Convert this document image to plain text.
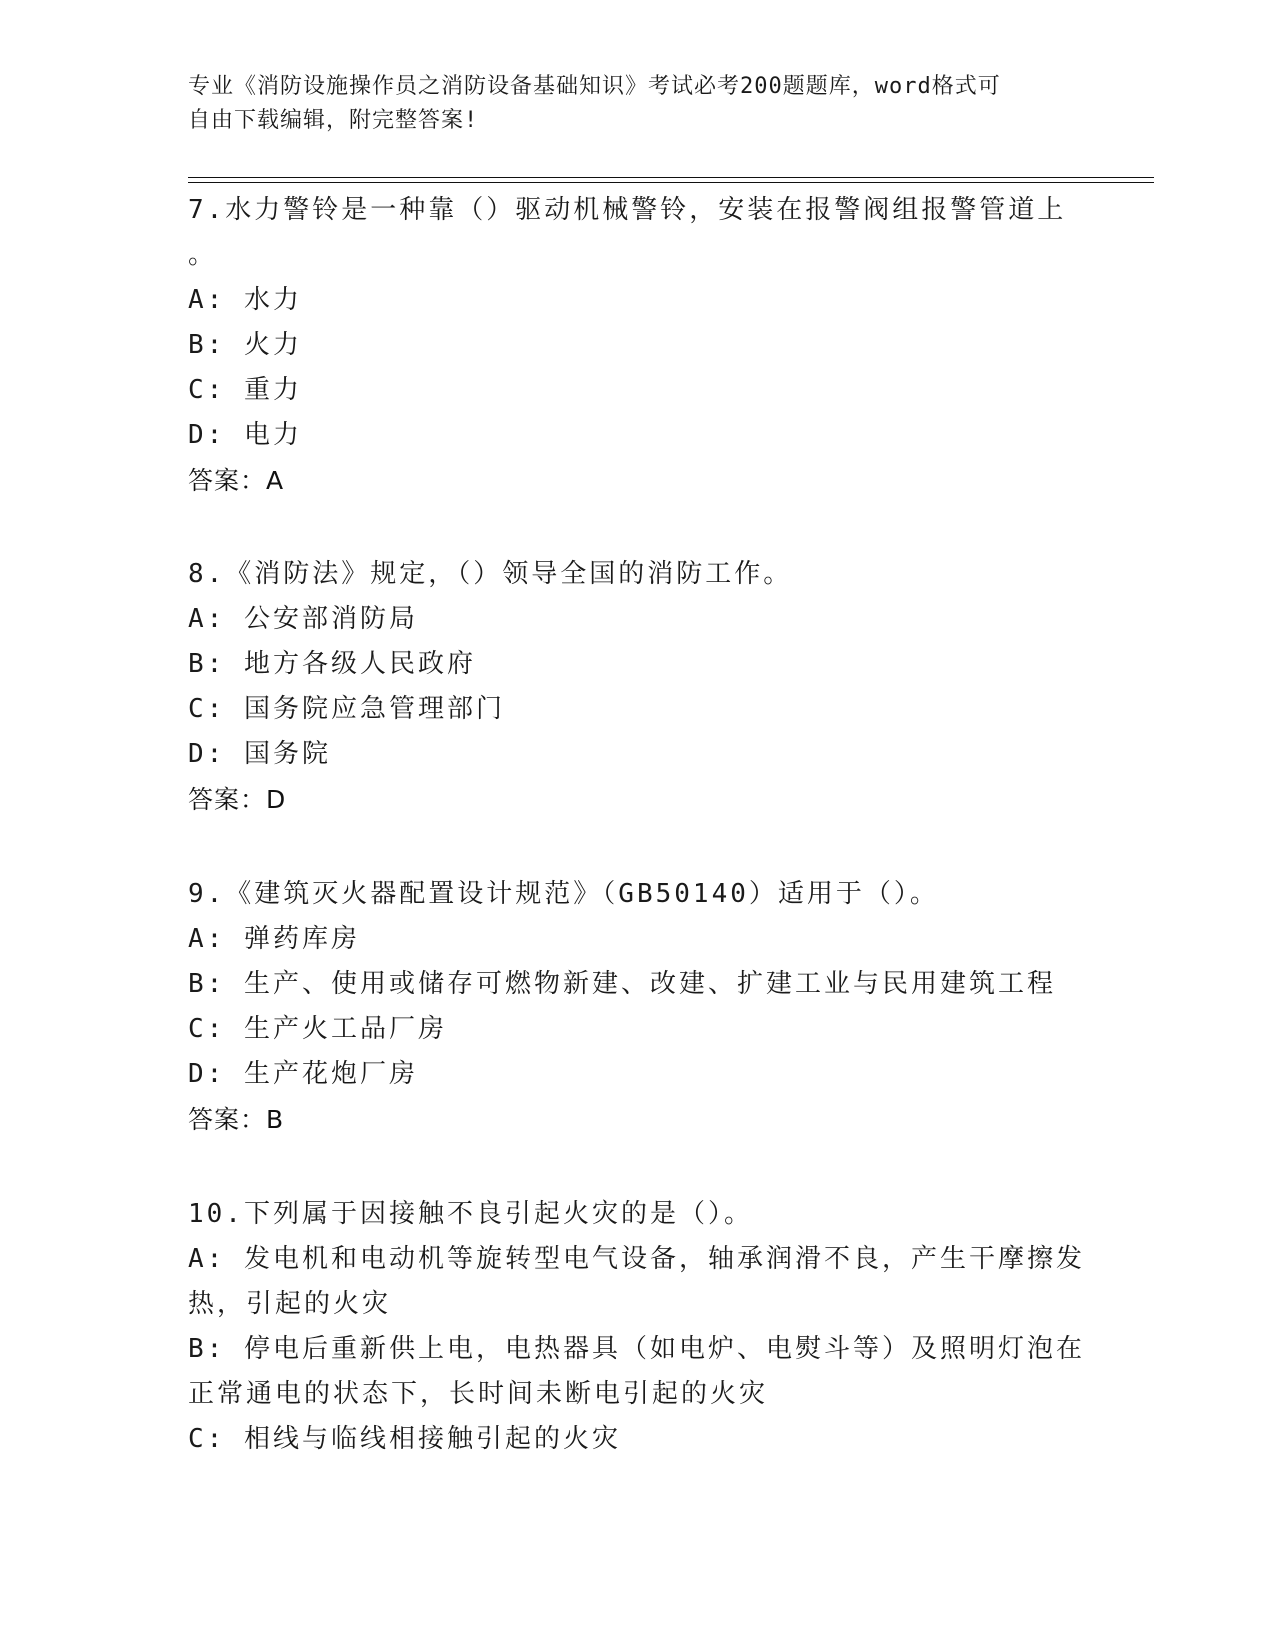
专业《消防设施操作员之消防设备基础知识》考试必考200题题库，word格式可
自由下载编辑，附完整答案!
7.水力警铃是一种靠（）驱动机械警铃，安装在报警阀组报警管道上
。
A: 水力
B: 火力
C: 重力
D: 电力
答案：A
8.《消防法》规定，（）领导全国的消防工作。
A: 公安部消防局
B: 地方各级人民政府
C: 国务院应急管理部门
D: 国务院
答案：D
9.《建筑灭火器配置设计规范》（GB50140）适用于（）。
A: 弹药库房
B: 生产、使用或储存可燃物新建、改建、扩建工业与民用建筑工程
C: 生产火工品厂房
D: 生产花炮厂房
答案：B
10.下列属于因接触不良引起火灾的是（）。
A: 发电机和电动机等旋转型电气设备，轴承润滑不良，产生干摩擦发
热，引起的火灾
B: 停电后重新供上电，电热器具（如电炉、电熨斗等）及照明灯泡在
正常通电的状态下，长时间未断电引起的火灾
C: 相线与临线相接触引起的火灾
